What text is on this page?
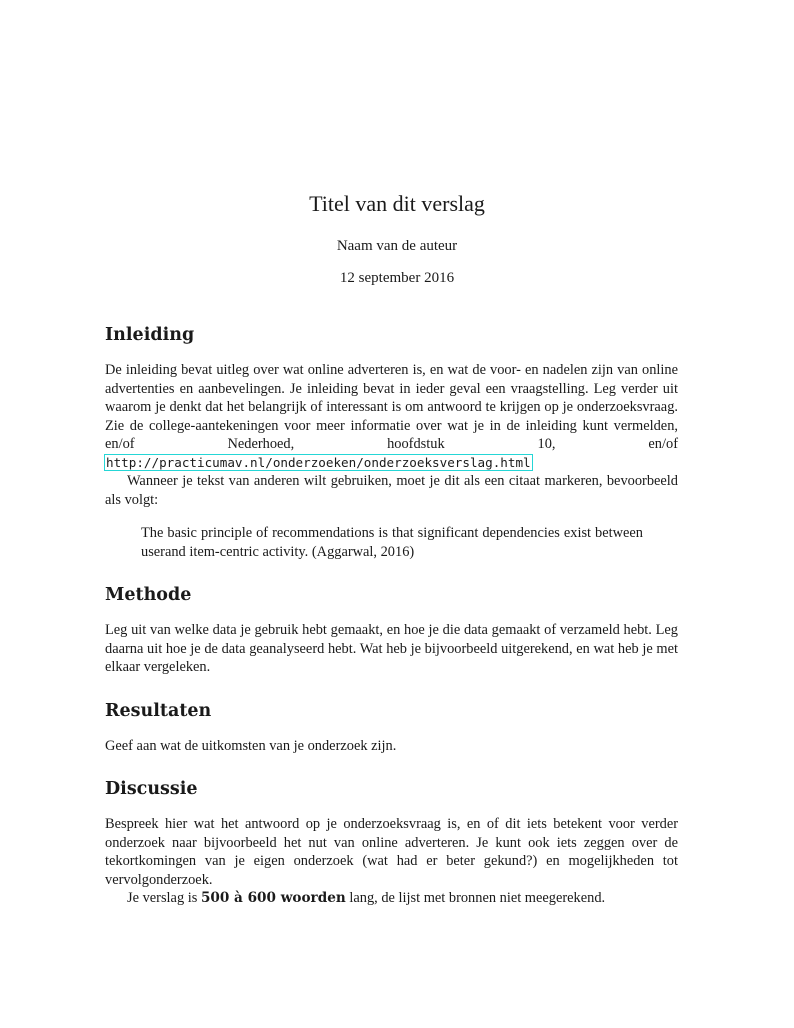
Titel van dit verslag
Naam van de auteur
12 september 2016
Inleiding

De inleiding bevat uitleg over wat online adverteren is, en wat de voor- en nadelen zijn van online advertenties en aanbevelingen. Je inleiding bevat in ieder geval een vraagstelling. Leg verder uit waarom je denkt dat het belangrijk of interessant is om antwoord te krijgen op je onderzoeksvraag. Zie de college-aantekeningen voor meer informatie over wat je in de inleiding kunt vermelden, en/of Nederhoed, hoofdstuk 10, en/of http://practicumav.nl/onderzoeken/onderzoeksverslag.html

Wanneer je tekst van anderen wilt gebruiken, moet je dit als een citaat markeren, bevoorbeeld als volgt:

The basic principle of recommendations is that significant dependencies exist between userand item-centric activity. (Aggarwal, 2016)
Methode

Leg uit van welke data je gebruik hebt gemaakt, en hoe je die data gemaakt of verzameld hebt. Leg daarna uit hoe je de data geanalyseerd hebt. Wat heb je bijvoorbeeld uitgerekend, en wat heb je met elkaar vergeleken.

Resultaten

Geef aan wat de uitkomsten van je onderzoek zijn.

Discussie

Bespreek hier wat het antwoord op je onderzoeksvraag is, en of dit iets betekent voor verder onderzoek naar bijvoorbeeld het nut van online adverteren. Je kunt ook iets zeggen over de tekortkomingen van je eigen onderzoek (wat had er beter gekund?) en mogelijkheden tot vervolgonderzoek.

Je verslag is 500 à 600 woorden lang, de lijst met bronnen niet meegerekend.
